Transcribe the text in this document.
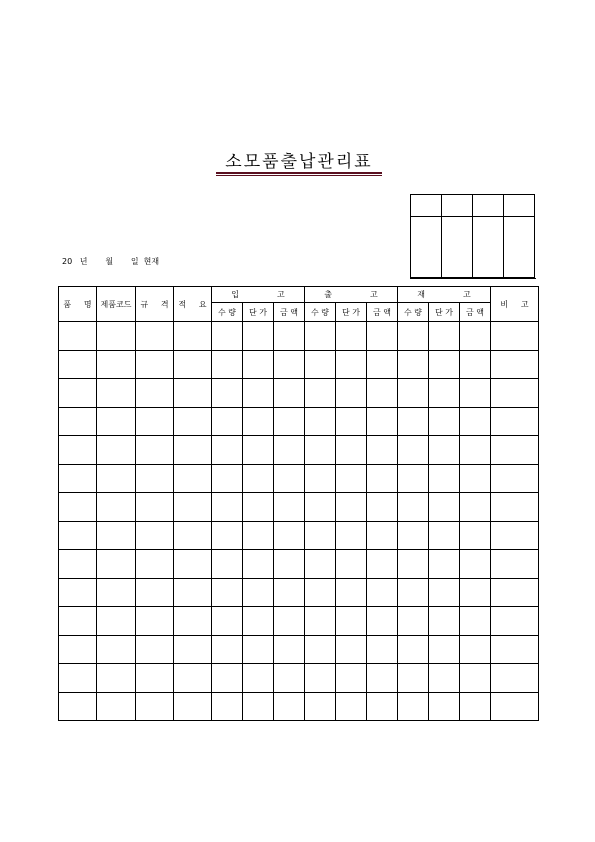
소모품출납관리표

20   년       월       일  현재
품     명	제품코드	규     격	적     요	입               고			출               고			재               고			비     고
				수 량	단 가	금 액	수 량	단 가	금 액	수 량	단 가	금 액	
